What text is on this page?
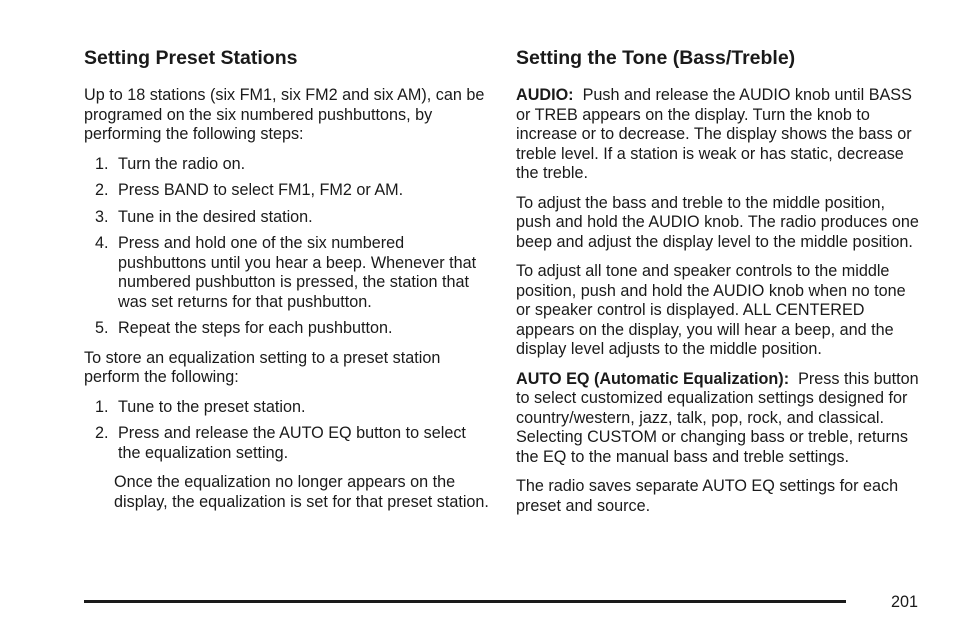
Setting Preset Stations

Up to 18 stations (six FM1, six FM2 and six AM), can be programed on the six numbered pushbuttons, by performing the following steps:

1. Turn the radio on.
2. Press BAND to select FM1, FM2 or AM.
3. Tune in the desired station.
4. Press and hold one of the six numbered pushbuttons until you hear a beep. Whenever that numbered pushbutton is pressed, the station that was set returns for that pushbutton.
5. Repeat the steps for each pushbutton.

To store an equalization setting to a preset station perform the following:

1. Tune to the preset station.
2. Press and release the AUTO EQ button to select the equalization setting.

Once the equalization no longer appears on the display, the equalization is set for that preset station.

Setting the Tone (Bass/Treble)

AUDIO: Push and release the AUDIO knob until BASS or TREB appears on the display. Turn the knob to increase or to decrease. The display shows the bass or treble level. If a station is weak or has static, decrease the treble.

To adjust the bass and treble to the middle position, push and hold the AUDIO knob. The radio produces one beep and adjust the display level to the middle position.

To adjust all tone and speaker controls to the middle position, push and hold the AUDIO knob when no tone or speaker control is displayed. ALL CENTERED appears on the display, you will hear a beep, and the display level adjusts to the middle position.

AUTO EQ (Automatic Equalization): Press this button to select customized equalization settings designed for country/western, jazz, talk, pop, rock, and classical. Selecting CUSTOM or changing bass or treble, returns the EQ to the manual bass and treble settings.

The radio saves separate AUTO EQ settings for each preset and source.

201
